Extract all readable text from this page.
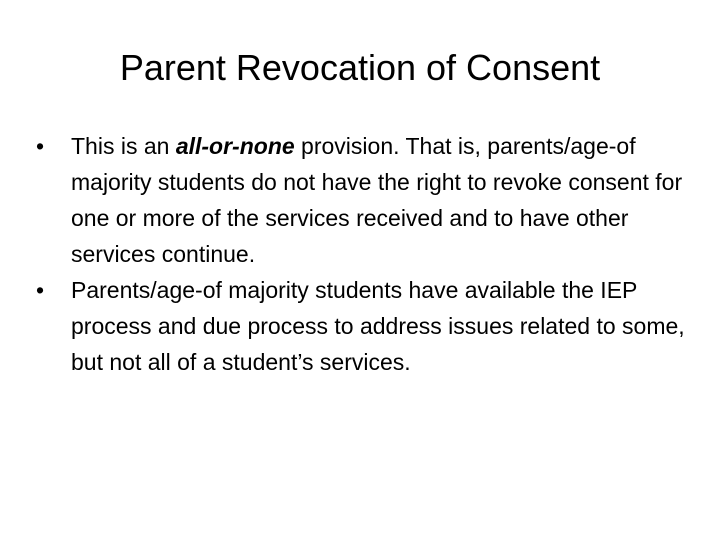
Parent Revocation of Consent
•	This is an all-or-none provision. That is, parents/age-of majority students do not have the right to revoke consent for one or more of the services received and to have other services continue.
•	Parents/age-of majority students have available the IEP process and due process to address issues related to some, but not all of a student’s services.
